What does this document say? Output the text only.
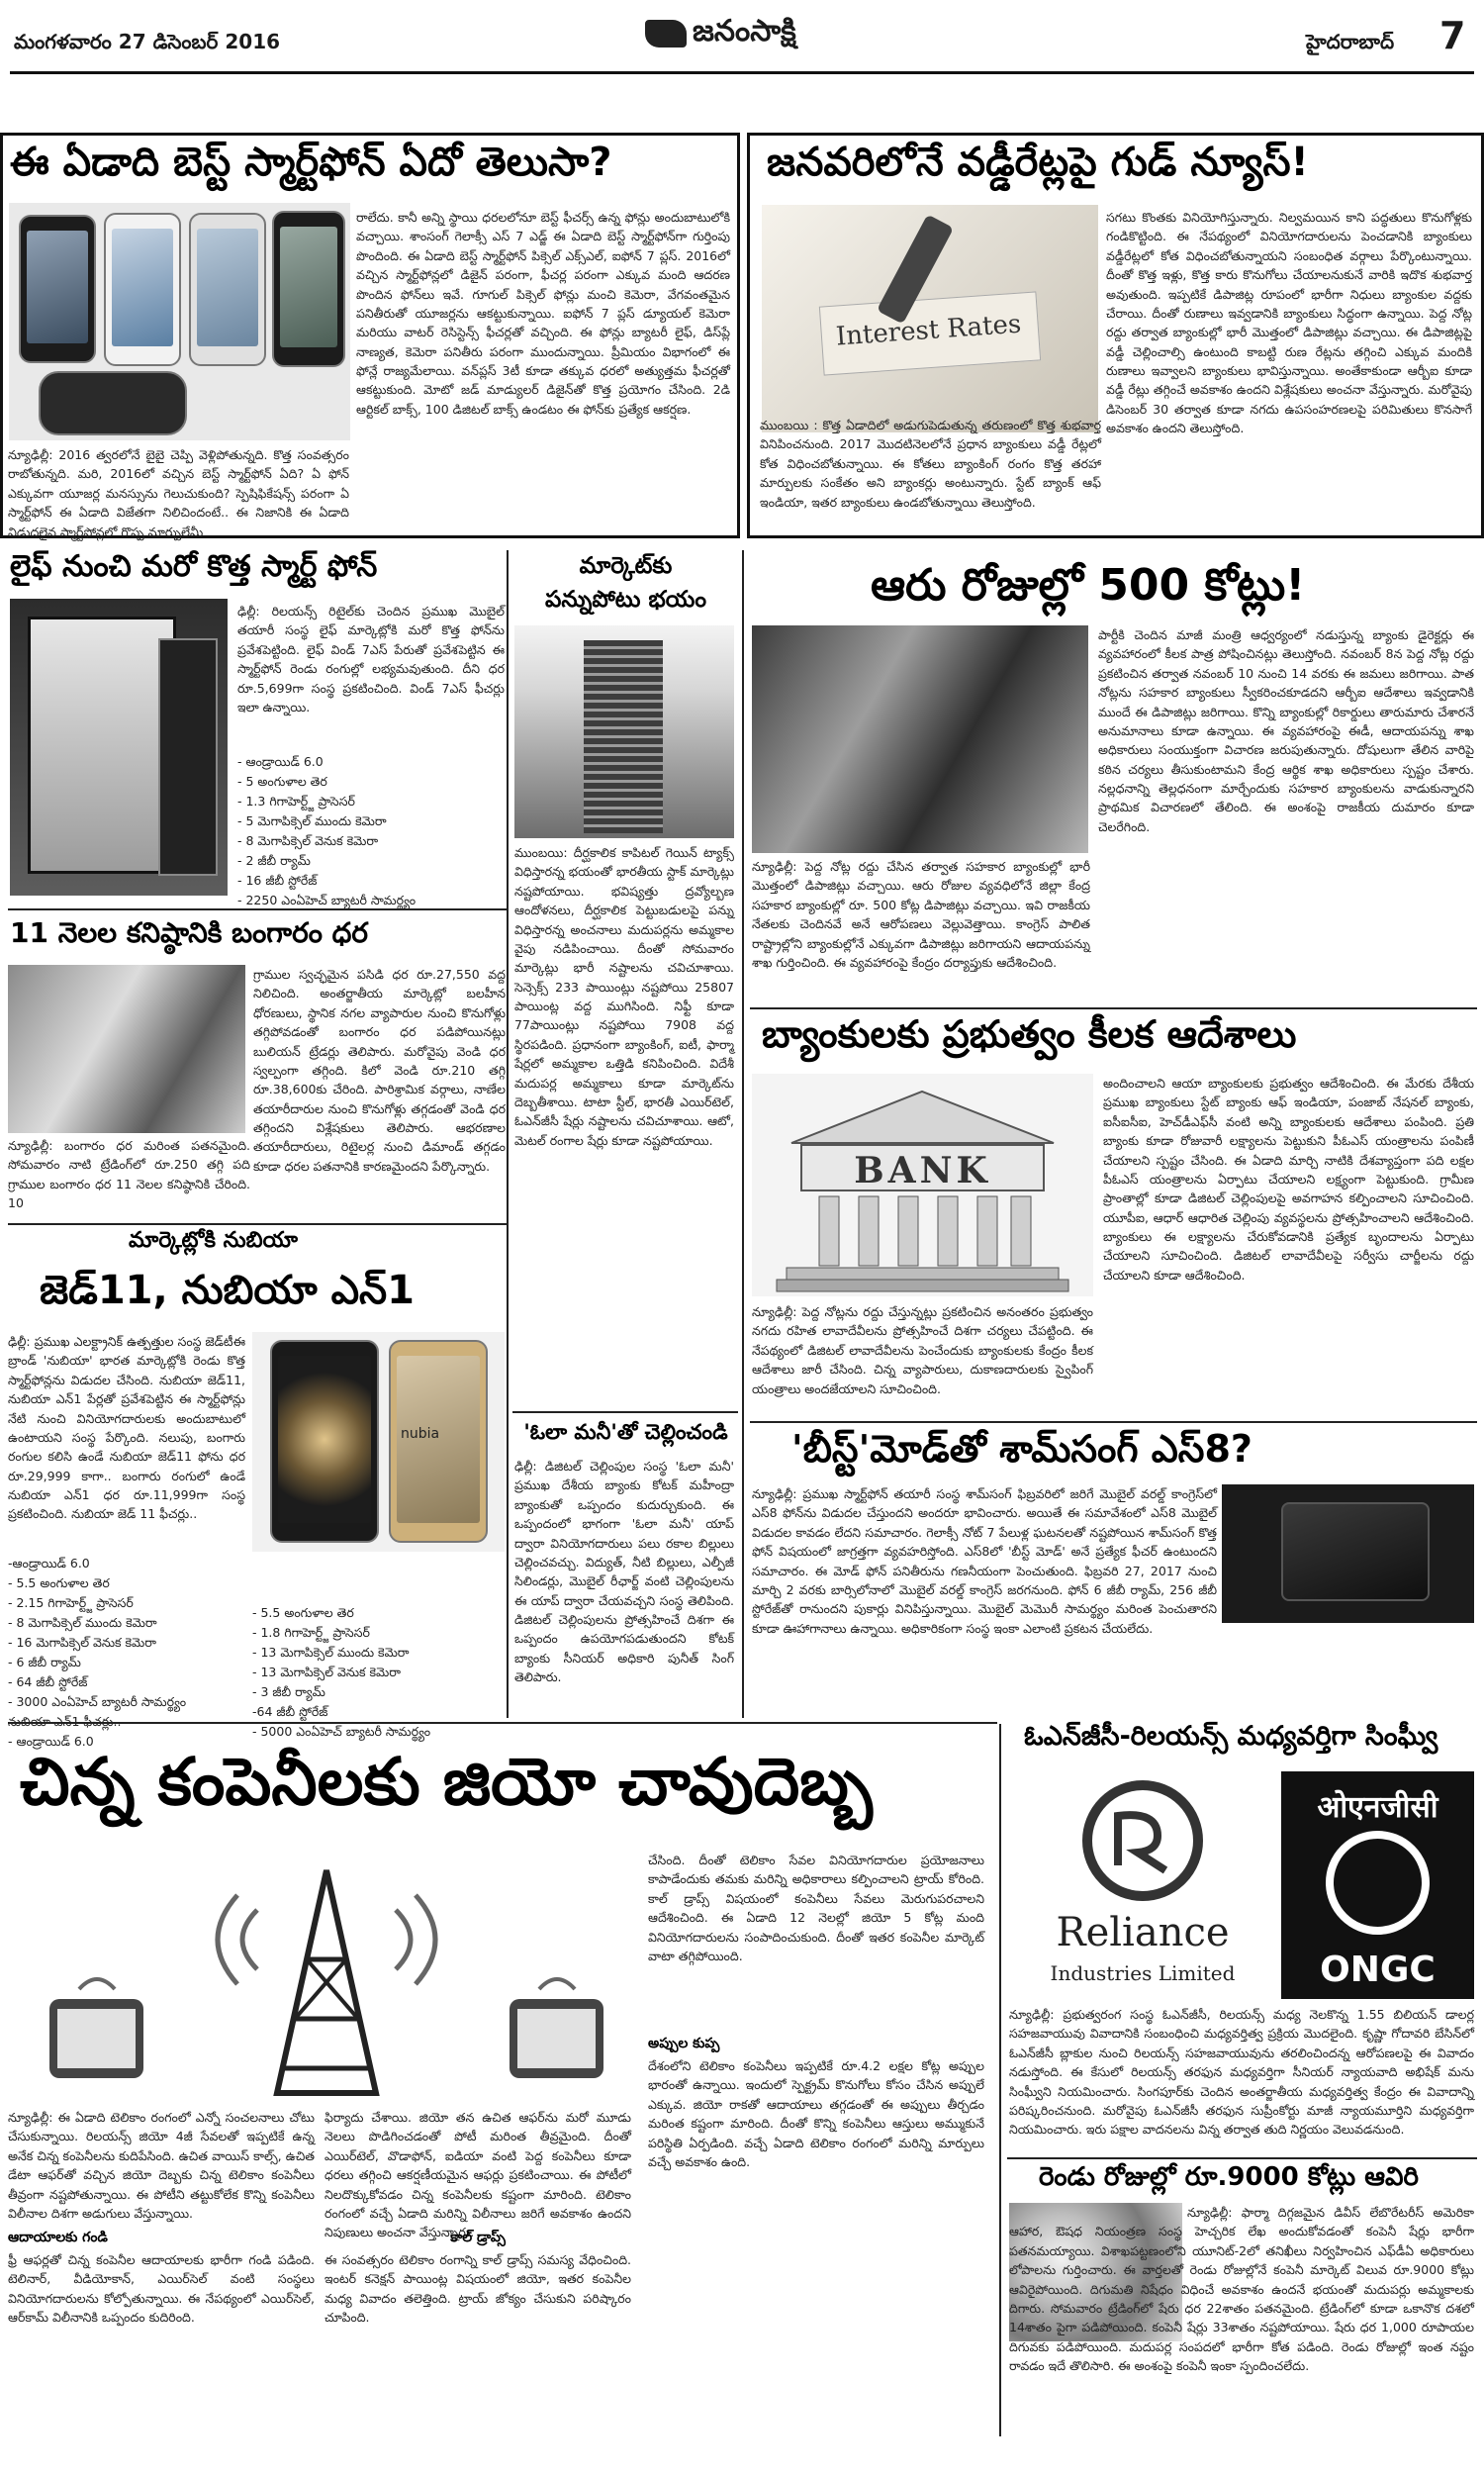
మంగళవారం 27 డిసెంబర్ 2016	జనంసాక్షి	హైదరాబాద్ 7
ఈ ఏడాది బెస్ట్ స్మార్ట్‌ఫోన్ ఏదో తెలుసా?
రాలేదు. కానీ అన్ని స్థాయి ధరలలోనూ బెస్ట్ ఫీచర్స్ ఉన్న ఫోన్లు అందుబాటులోకి వచ్చాయి. శాంసంగ్ గెలాక్సీ ఎస్ 7 ఎడ్జ్ ఈ ఏడాది బెస్ట్ స్మార్ట్‌ఫోన్‌గా గుర్తింపు పొందింది. ఈ ఏడాది బెస్ట్ స్మార్ట్‌ఫోన్ పిక్సెల్ ఎక్స్ఎల్, ఐఫోన్ 7 ప్లస్. 2016లో వచ్చిన స్మార్ట్‌ఫోన్లలో డిజైన్ పరంగా, ఫీచర్ల పరంగా ఎక్కువ మంది ఆదరణ పొందిన ఫోన్‌లు ఇవే. గూగుల్ పిక్సెల్ ఫోన్లు మంచి కెమెరా, వేగవంతమైన పనితీరుతో యూజర్లను ఆకట్టుకున్నాయి. ఐఫోన్ 7 ప్లస్ డ్యూయల్ కెమెరా మరియు వాటర్ రెసిస్టెన్స్ ఫీచర్లతో వచ్చింది. ఈ ఫోన్లు బ్యాటరీ లైఫ్, డిస్‌ప్లే నాణ్యత, కెమెరా పనితీరు పరంగా ముందున్నాయి. ప్రీమియం విభాగంలో ఈ ఫోన్లే రాజ్యమేలాయి. వన్‌ప్లస్ 3టీ కూడా తక్కువ ధరలో అత్యుత్తమ ఫీచర్లతో ఆకట్టుకుంది. మోటో జడ్ మాడ్యులర్ డిజైన్‌తో కొత్త ప్రయోగం చేసింది. 2డి ఆర్టికల్ బాక్స్, 100 డిజిటల్ బాక్స్ ఉండటం ఈ ఫోన్‌కు ప్రత్యేక ఆకర్షణ.
న్యూఢిల్లీ: 2016 త్వరలోనే బైబై చెప్పి వెళ్లిపోతున్నది. కొత్త సంవత్సరం రాబోతున్నది. మరి, 2016లో వచ్చిన బెస్ట్ స్మార్ట్‌ఫోన్ ఏది? ఏ ఫోన్ ఎక్కువగా యూజర్ల మనస్సును గెలుచుకుంది? స్పెషిఫికేషన్స్ పరంగా ఏ స్మార్ట్‌ఫోన్ ఈ ఏడాది విజేతగా నిలిచిందంటే.. ఈ నిజానికి ఈ ఏడాది విడుదలైన స్మార్ట్‌ఫోన్లలో గొప్ప మార్పులేమీ
Interest Rates
జనవరిలోనే వడ్డీరేట్లపై గుడ్ న్యూస్!
సగటు కొంతకు వినియోగిస్తున్నారు. నిల్వమయిన కాని పద్ధతులు కొనుగోళ్లకు గండికొట్టింది. ఈ నేపథ్యంలో వినియోగదారులను పెంచడానికి బ్యాంకులు వడ్డీరేట్లలో కోత విధించబోతున్నాయని సంబంధిత వర్గాలు పేర్కొంటున్నాయి. దీంతో కొత్త ఇళ్లు, కొత్త కారు కొనుగోలు చేయాలనుకునే వారికి ఇదొక శుభవార్త అవుతుంది. ఇప్పటికే డిపాజిట్ల రూపంలో భారీగా నిధులు బ్యాంకుల వద్దకు చేరాయి. దీంతో రుణాలు ఇవ్వడానికి బ్యాంకులు సిద్ధంగా ఉన్నాయి. పెద్ద నోట్ల రద్దు తర్వాత బ్యాంకుల్లో భారీ మొత్తంలో డిపాజిట్లు వచ్చాయి. ఈ డిపాజిట్లపై వడ్డీ చెల్లించాల్సి ఉంటుంది కాబట్టి రుణ రేట్లను తగ్గించి ఎక్కువ మందికి రుణాలు ఇవ్వాలని బ్యాంకులు భావిస్తున్నాయి. అంతేకాకుండా ఆర్బీఐ కూడా వడ్డీ రేట్లు తగ్గించే అవకాశం ఉందని విశ్లేషకులు అంచనా వేస్తున్నారు. మరోవైపు డిసెంబర్ 30 తర్వాత కూడా నగదు ఉపసంహరణలపై పరిమితులు కొనసాగే అవకాశం ఉందని తెలుస్తోంది.
ముంబయి : కొత్త ఏడాదిలో అడుగుపెడుతున్న తరుణంలో కొత్త శుభవార్త వినిపించనుంది. 2017 మొదటినెలలోనే ప్రధాన బ్యాంకులు వడ్డీ రేట్లలో కోత విధించబోతున్నాయి. ఈ కోతలు బ్యాంకింగ్ రంగం కొత్త తరహా మార్పులకు సంకేతం అని బ్యాంకర్లు అంటున్నారు. స్టేట్ బ్యాంక్ ఆఫ్ ఇండియా, ఇతర బ్యాంకులు ఉండబోతున్నాయి తెలుస్తోంది.
లైఫ్ నుంచి మరో కొత్త స్మార్ట్ ఫోన్
ఢిల్లీ: రిలయన్స్ రిటైల్‌కు చెందిన ప్రముఖ మొబైల్ తయారీ సంస్థ లైఫ్ మార్కెట్లోకి మరో కొత్త ఫోన్‌ను ప్రవేశపెట్టింది. లైఫ్ విండ్ 7ఎస్ పేరుతో ప్రవేశపెట్టిన ఈ స్మార్ట్‌ఫోన్ రెండు రంగుల్లో లభ్యమవుతుంది. దీని ధర రూ.5,699గా సంస్థ ప్రకటించింది. విండ్ 7ఎస్ ఫీచర్లు ఇలా ఉన్నాయి.
- ఆండ్రాయిడ్ 6.0
- 5 అంగుళాల తెర
- 1.3 గిగాహెర్ట్జ్ ప్రాసెసర్
- 5 మెగాపిక్సెల్ ముందు కెమెరా
- 8 మెగాపిక్సెల్ వెనుక కెమెరా
- 2 జీబీ ర్యామ్
- 16 జీబీ స్టోరేజ్
- 2250 ఎంఏహెచ్ బ్యాటరీ సామర్థ్యం
11 నెలల కనిష్ఠానికి బంగారం ధర
గ్రాముల స్వచ్ఛమైన పసిడి ధర రూ.27,550 వద్ద నిలిచింది. అంతర్జాతీయ మార్కెట్లో బలహీన ధోరణులు, స్థానిక నగల వ్యాపారుల నుంచి కొనుగోళ్లు తగ్గిపోవడంతో బంగారం ధర పడిపోయినట్లు బులియన్ ట్రేడర్లు తెలిపారు. మరోవైపు వెండి ధర స్వల్పంగా తగ్గింది. కిలో వెండి రూ.210 తగ్గి రూ.38,600కు చేరింది. పారిశ్రామిక వర్గాలు, నాణేల తయారీదారుల నుంచి కొనుగోళ్లు తగ్గడంతో వెండి ధర తగ్గిందని విశ్లేషకులు తెలిపారు. ఆభరణాల తయారీదారులు, రిటైలర్ల నుంచి డిమాండ్ తగ్గడం కూడా ధరల పతనానికి కారణమైందని పేర్కొన్నారు.
న్యూఢిల్లీ: బంగారం ధర మరింత పతనమైంది. సోమవారం నాటి ట్రేడింగ్‌లో రూ.250 తగ్గి పది గ్రాముల బంగారం ధర 11 నెలల కనిష్ఠానికి చేరింది. 10
మార్కెట్లోకి నుబియా
జెడ్11, నుబియా ఎన్1
ఢిల్లీ: ప్రముఖ ఎలక్ట్రానిక్ ఉత్పత్తుల సంస్థ జెడ్‌టీఈ బ్రాండ్ 'నుబియా' భారత మార్కెట్లోకి రెండు కొత్త స్మార్ట్‌ఫోన్లను విడుదల చేసింది. నుబియా జెడ్11, నుబియా ఎన్1 పేర్లతో ప్రవేశపెట్టిన ఈ స్మార్ట్‌ఫోన్లు నేటి నుంచి వినియోగదారులకు అందుబాటులో ఉంటాయని సంస్థ పేర్కొంది. నలుపు, బంగారు రంగుల కలిసి ఉండే నుబియా జెడ్11 ఫోను ధర రూ.29,999 కాగా.. బంగారు రంగులో ఉండే నుబియా ఎన్1 ధర రూ.11,999గా సంస్థ ప్రకటించింది. నుబియా జెడ్ 11 ఫీచర్లు..
nubia
-ఆండ్రాయిడ్ 6.0
- 5.5 అంగుళాల తెర
- 2.15 గిగాహెర్ట్జ్ ప్రాసెసర్
- 8 మెగాపిక్సెల్ ముందు కెమెరా
- 16 మెగాపిక్సెల్ వెనుక కెమెరా
- 6 జీబీ ర్యామ్
- 64 జీబీ స్టోరేజ్
- 3000 ఎంఏహెచ్ బ్యాటరీ సామర్థ్యం
- ఆండ్రాయిడ్ 6.0
- 5.5 అంగుళాల తెర
- 1.8 గిగాహెర్ట్జ్ ప్రాసెసర్
- 13 మెగాపిక్సెల్ ముందు కెమెరా
- 13 మెగాపిక్సెల్ వెనుక కెమెరా
- 3 జీబీ ర్యామ్
-64 జీబీ స్టోరేజ్
- 5000 ఎంఏహెచ్ బ్యాటరీ సామర్థ్యం
మార్కెట్‌కు
పన్నుపోటు భయం
ముంబయి: దీర్ఘకాలిక కాపిటల్ గెయిన్ ట్యాక్స్ విధిస్తారన్న భయంతో భారతీయ స్టాక్ మార్కెట్లు నష్టపోయాయి. భవిష్యత్తు ద్రవ్యోల్బణ ఆందోళనలు, దీర్ఘకాలిక పెట్టుబడులపై పన్ను విధిస్తారన్న అంచనాలు మదుపర్లను అమ్మకాల వైపు నడిపించాయి. దీంతో సోమవారం మార్కెట్లు భారీ నష్టాలను చవిచూశాయి. సెన్సెక్స్ 233 పాయింట్లు నష్టపోయి 25807 పాయింట్ల వద్ద ముగిసింది. నిఫ్టీ కూడా 77పాయింట్లు నష్టపోయి 7908 వద్ద స్థిరపడింది. ప్రధానంగా బ్యాంకింగ్, ఐటీ, ఫార్మా షేర్లలో అమ్మకాల ఒత్తిడి కనిపించింది. విదేశీ మదుపర్ల అమ్మకాలు కూడా మార్కెట్‌ను దెబ్బతీశాయి. టాటా స్టీల్, భారతీ ఎయిర్‌టెల్, ఓఎన్‌జీసీ షేర్లు నష్టాలను చవిచూశాయి. ఆటో, మెటల్ రంగాల షేర్లు కూడా నష్టపోయాయి.
'ఓలా మనీ'తో చెల్లించండి
ఢిల్లీ: డిజిటల్ చెల్లింపుల సంస్థ 'ఓలా మనీ' ప్రముఖ దేశీయ బ్యాంకు కోటక్ మహీంద్రా బ్యాంకుతో ఒప్పందం కుదుర్చుకుంది. ఈ ఒప్పందంలో భాగంగా 'ఓలా మనీ' యాప్ ద్వారా వినియోగదారులు పలు రకాల బిల్లులు చెల్లించవచ్చు. విద్యుత్, నీటి బిల్లులు, ఎల్పీజీ సిలిండర్లు, మొబైల్ రీఛార్జ్ వంటి చెల్లింపులను ఈ యాప్ ద్వారా చేయవచ్చని సంస్థ తెలిపింది. డిజిటల్ చెల్లింపులను ప్రోత్సహించే దిశగా ఈ ఒప్పందం ఉపయోగపడుతుందని కోటక్ బ్యాంకు సీనియర్ అధికారి పునీత్ సింగ్ తెలిపారు.
ఆరు రోజుల్లో 500 కోట్లు!
పార్టీకి చెందిన మాజీ మంత్రి ఆధ్వర్యంలో నడుస్తున్న బ్యాంకు డైరెక్టర్లు ఈ వ్యవహారంలో కీలక పాత్ర పోషించినట్లు తెలుస్తోంది. నవంబర్ 8న పెద్ద నోట్ల రద్దు ప్రకటించిన తర్వాత నవంబర్ 10 నుంచి 14 వరకు ఈ జమలు జరిగాయి. పాత నోట్లను సహకార బ్యాంకులు స్వీకరించకూడదని ఆర్బీఐ ఆదేశాలు ఇవ్వడానికి ముందే ఈ డిపాజిట్లు జరిగాయి. కొన్ని బ్యాంకుల్లో రికార్డులు తారుమారు చేశారనే అనుమానాలు కూడా ఉన్నాయి. ఈ వ్యవహారంపై ఈడీ, ఆదాయపన్ను శాఖ అధికారులు సంయుక్తంగా విచారణ జరుపుతున్నారు. దోషులుగా తేలిన వారిపై కఠిన చర్యలు తీసుకుంటామని కేంద్ర ఆర్థిక శాఖ అధికారులు స్పష్టం చేశారు. నల్లధనాన్ని తెల్లధనంగా మార్చేందుకు సహకార బ్యాంకులను వాడుకున్నారని ప్రాథమిక విచారణలో తేలింది. ఈ అంశంపై రాజకీయ దుమారం కూడా చెలరేగింది.
న్యూఢిల్లీ: పెద్ద నోట్ల రద్దు చేసిన తర్వాత సహకార బ్యాంకుల్లో భారీ మొత్తంలో డిపాజిట్లు వచ్చాయి. ఆరు రోజుల వ్యవధిలోనే జిల్లా కేంద్ర సహకార బ్యాంకుల్లో రూ. 500 కోట్ల డిపాజిట్లు వచ్చాయి. ఇవి రాజకీయ నేతలకు చెందినవే అనే ఆరోపణలు వెల్లువెత్తాయి. కాంగ్రెస్ పాలిత రాష్ట్రాల్లోని బ్యాంకుల్లోనే ఎక్కువగా డిపాజిట్లు జరిగాయని ఆదాయపన్ను శాఖ గుర్తించింది. ఈ వ్యవహారంపై కేంద్రం దర్యాప్తుకు ఆదేశించింది.
బ్యాంకులకు ప్రభుత్వం కీలక ఆదేశాలు
BANK
అందించాలని ఆయా బ్యాంకులకు ప్రభుత్వం ఆదేశించింది. ఈ మేరకు దేశీయ ప్రముఖ బ్యాంకులు స్టేట్ బ్యాంకు ఆఫ్ ఇండియా, పంజాబ్ నేషనల్ బ్యాంకు, ఐసీఐసీఐ, హెచ్‌డీఎఫ్‌సీ వంటి అన్ని బ్యాంకులకు ఆదేశాలు పంపింది. ప్రతి బ్యాంకు కూడా రోజువారీ లక్ష్యాలను పెట్టుకుని పీఓఎస్ యంత్రాలను పంపిణీ చేయాలని స్పష్టం చేసింది. ఈ ఏడాది మార్చి నాటికి దేశవ్యాప్తంగా పది లక్షల పీఓఎస్ యంత్రాలను ఏర్పాటు చేయాలని లక్ష్యంగా పెట్టుకుంది. గ్రామీణ ప్రాంతాల్లో కూడా డిజిటల్ చెల్లింపులపై అవగాహన కల్పించాలని సూచించింది. యూపీఐ, ఆధార్ ఆధారిత చెల్లింపు వ్యవస్థలను ప్రోత్సహించాలని ఆదేశించింది. బ్యాంకులు ఈ లక్ష్యాలను చేరుకోవడానికి ప్రత్యేక బృందాలను ఏర్పాటు చేయాలని సూచించింది. డిజిటల్ లావాదేవీలపై సర్వీసు చార్జీలను రద్దు చేయాలని కూడా ఆదేశించింది.
న్యూఢిల్లీ: పెద్ద నోట్లను రద్దు చేస్తున్నట్లు ప్రకటించిన అనంతరం ప్రభుత్వం నగదు రహిత లావాదేవీలను ప్రోత్సహించే దిశగా చర్యలు చేపట్టింది. ఈ నేపథ్యంలో డిజిటల్ లావాదేవీలను పెంచేందుకు బ్యాంకులకు కేంద్రం కీలక ఆదేశాలు జారీ చేసింది. చిన్న వ్యాపారులు, దుకాణదారులకు స్వైపింగ్ యంత్రాలు అందజేయాలని సూచించింది.
'బీస్ట్'మోడ్‌తో శామ్‌సంగ్ ఎస్8?
న్యూఢిల్లీ: ప్రముఖ స్మార్ట్‌ఫోన్ తయారీ సంస్థ శామ్‌సంగ్ ఫిబ్రవరిలో జరిగే మొబైల్ వరల్డ్ కాంగ్రెస్‌లో ఎస్8 ఫోన్‌ను విడుదల చేస్తుందని అందరూ భావించారు. అయితే ఈ సమావేశంలో ఎస్8 మొబైల్ విడుదల కావడం లేదని సమాచారం. గెలాక్సీ నోట్ 7 పేలుళ్ల ఘటనలతో నష్టపోయిన శామ్‌సంగ్ కొత్త ఫోన్ విషయంలో జాగ్రత్తగా వ్యవహరిస్తోంది. ఎస్8లో 'బీస్ట్ మోడ్' అనే ప్రత్యేక ఫీచర్ ఉంటుందని సమాచారం. ఈ మోడ్ ఫోన్ పనితీరును గణనీయంగా పెంచుతుంది. ఫిబ్రవరి 27, 2017 నుంచి మార్చి 2 వరకు బార్సిలోనాలో మొబైల్ వరల్డ్ కాంగ్రెస్ జరగనుంది. ఫోన్ 6 జీబీ ర్యామ్, 256 జీబీ స్టోరేజ్‌తో రానుందని పుకార్లు వినిపిస్తున్నాయి. మొబైల్ మెమొరీ సామర్థ్యం మరింత పెంచుతారని కూడా ఊహాగానాలు ఉన్నాయి. అధికారికంగా సంస్థ ఇంకా ఎలాంటి ప్రకటన చేయలేదు.
చిన్న కంపెనీలకు జియో చావుదెబ్బ
న్యూఢిల్లీ: ఈ ఏడాది టెలికాం రంగంలో ఎన్నో సంచలనాలు చోటు చేసుకున్నాయి. రిలయన్స్ జియో 4జీ సేవలతో ఇప్పటికే ఉన్న అనేక చిన్న కంపెనీలను కుదిపేసింది. ఉచిత వాయిస్ కాల్స్, ఉచిత డేటా ఆఫర్‌తో వచ్చిన జియో దెబ్బకు చిన్న టెలికాం కంపెనీలు తీవ్రంగా నష్టపోతున్నాయి. ఈ పోటీని తట్టుకోలేక కొన్ని కంపెనీలు విలీనాల దిశగా అడుగులు వేస్తున్నాయి.
ఆదాయాలకు గండి
ఫ్రీ ఆఫర్లతో చిన్న కంపెనీల ఆదాయాలకు భారీగా గండి పడింది. టెలినార్, వీడియోకాన్, ఎయిర్‌సెల్ వంటి సంస్థలు వినియోగదారులను కోల్పోతున్నాయి. ఈ నేపథ్యంలో ఎయిర్‌సెల్, ఆర్‌కామ్ విలీనానికి ఒప్పందం కుదిరింది.
ఫిర్యాదు చేశాయి. జియో తన ఉచిత ఆఫర్‌ను మరో మూడు నెలలు పొడిగించడంతో పోటీ మరింత తీవ్రమైంది. దీంతో ఎయిర్‌టెల్, వొడాఫోన్, ఐడియా వంటి పెద్ద కంపెనీలు కూడా ధరలు తగ్గించి ఆకర్షణీయమైన ఆఫర్లు ప్రకటించాయి. ఈ పోటీలో నిలదొక్కుకోవడం చిన్న కంపెనీలకు కష్టంగా మారింది. టెలికాం రంగంలో వచ్చే ఏడాది మరిన్ని విలీనాలు జరిగే అవకాశం ఉందని నిపుణులు అంచనా వేస్తున్నారు.
కాల్ డ్రాప్స్
ఈ సంవత్సరం టెలికాం రంగాన్ని కాల్ డ్రాప్స్ సమస్య వేధించింది. ఇంటర్ కనెక్షన్ పాయింట్ల విషయంలో జియో, ఇతర కంపెనీల మధ్య వివాదం తలెత్తింది. ట్రాయ్ జోక్యం చేసుకుని పరిష్కారం చూపింది.
చేసింది. దీంతో టెలికాం సేవల వినియోగదారుల ప్రయోజనాలు కాపాడేందుకు తమకు మరిన్ని అధికారాలు కల్పించాలని ట్రాయ్ కోరింది. కాల్ డ్రాప్స్ విషయంలో కంపెనీలు సేవలు మెరుగుపరచాలని ఆదేశించింది. ఈ ఏడాది 12 నెలల్లో జియో 5 కోట్ల మంది వినియోగదారులను సంపాదించుకుంది. దీంతో ఇతర కంపెనీల మార్కెట్ వాటా తగ్గిపోయింది.
అప్పుల కుప్ప
దేశంలోని టెలికాం కంపెనీలు ఇప్పటికే రూ.4.2 లక్షల కోట్ల అప్పుల భారంతో ఉన్నాయి. ఇందులో స్పెక్ట్రమ్ కొనుగోలు కోసం చేసిన అప్పులే ఎక్కువ. జియో రాకతో ఆదాయాలు తగ్గడంతో ఈ అప్పులు తీర్చడం మరింత కష్టంగా మారింది. దీంతో కొన్ని కంపెనీలు ఆస్తులు అమ్ముకునే పరిస్థితి ఏర్పడింది. వచ్చే ఏడాది టెలికాం రంగంలో మరిన్ని మార్పులు వచ్చే అవకాశం ఉంది.
ఓఎన్‌జీసీ-రిలయన్స్ మధ్యవర్తిగా సింఘ్వీ
Reliance
Industries Limited
ओएनजीसी
ONGC
న్యూఢిల్లీ: ప్రభుత్వరంగ సంస్థ ఓఎన్‌జీసీ, రిలయన్స్ మధ్య నెలకొన్న 1.55 బిలియన్ డాలర్ల సహజవాయువు వివాదానికి సంబంధించి మధ్యవర్తిత్వ ప్రక్రియ మొదలైంది. కృష్ణా గోదావరి బేసిన్‌లో ఓఎన్‌జీసీ బ్లాకుల నుంచి రిలయన్స్ సహజవాయువును తరలించిందన్న ఆరోపణలపై ఈ వివాదం నడుస్తోంది. ఈ కేసులో రిలయన్స్ తరఫున మధ్యవర్తిగా సీనియర్ న్యాయవాది అభిషేక్ మను సింఘ్వీని నియమించారు. సింగపూర్‌కు చెందిన అంతర్జాతీయ మధ్యవర్తిత్వ కేంద్రం ఈ వివాదాన్ని పరిష్కరించనుంది. మరోవైపు ఓఎన్‌జీసీ తరఫున సుప్రీంకోర్టు మాజీ న్యాయమూర్తిని మధ్యవర్తిగా నియమించారు. ఇరు పక్షాల వాదనలను విన్న తర్వాత తుది నిర్ణయం వెలువడనుంది.
రెండు రోజుల్లో రూ.9000 కోట్లు ఆవిరి
న్యూఢిల్లీ: ఫార్మా దిగ్గజమైన డివీస్ లేబొరేటరీస్ అమెరికా ఆహార, ఔషధ నియంత్రణ సంస్థ హెచ్చరిక లేఖ అందుకోవడంతో కంపెనీ షేర్లు భారీగా పతనమయ్యాయి. విశాఖపట్టణంలోని యూనిట్-2లో తనిఖీలు నిర్వహించిన ఎఫ్‌డీఏ అధికారులు లోపాలను గుర్తించారు. ఈ వార్తలతో రెండు రోజుల్లోనే కంపెనీ మార్కెట్ విలువ రూ.9000 కోట్లు ఆవిరైపోయింది. దిగుమతి నిషేధం విధించే అవకాశం ఉందనే భయంతో మదుపర్లు అమ్మకాలకు దిగారు. సోమవారం ట్రేడింగ్‌లో షేరు ధర 22శాతం పతనమైంది. ట్రేడింగ్‌లో కూడా ఒకానొక దశలో 14శాతం పైగా పడిపోయింది. కంపెనీ షేర్లు 33శాతం నష్టపోయాయి. షేరు ధర 1,000 రూపాయల దిగువకు పడిపోయింది. మదుపర్ల సంపదలో భారీగా కోత పడింది. రెండు రోజుల్లో ఇంత నష్టం రావడం ఇదే తొలిసారి. ఈ అంశంపై కంపెనీ ఇంకా స్పందించలేదు.
